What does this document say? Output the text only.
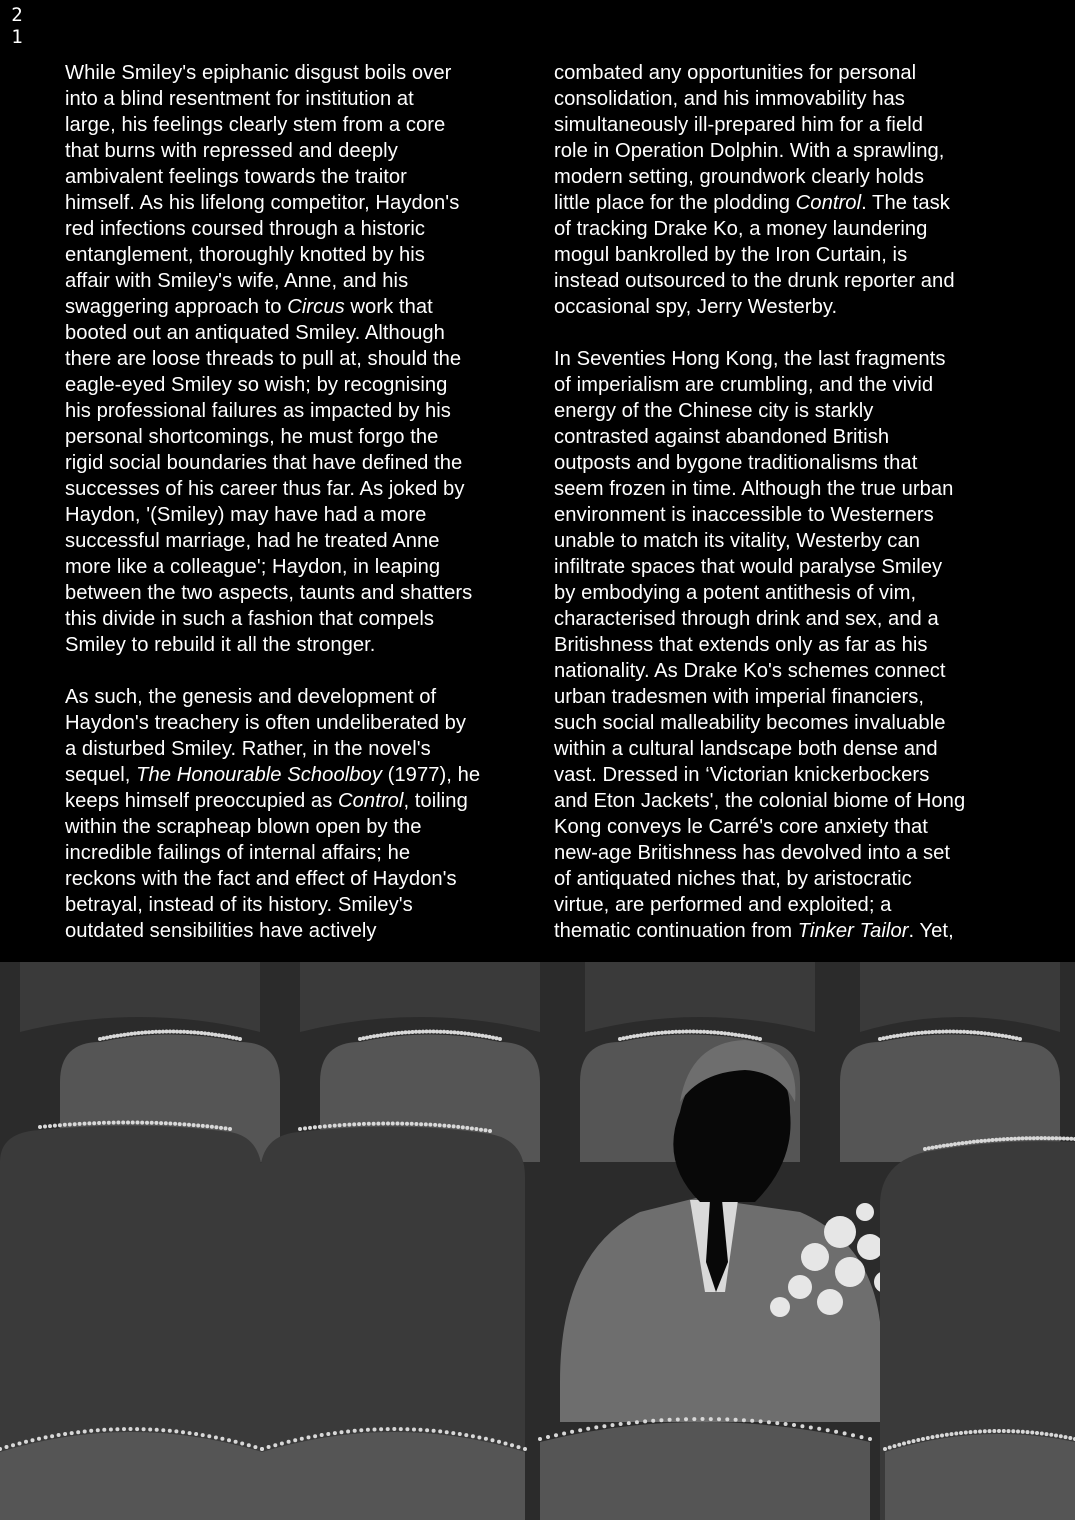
2
1

While Smiley's epiphanic disgust boils over
into a blind resentment for institution at
large, his feelings clearly stem from a core
that burns with repressed and deeply
ambivalent feelings towards the traitor
himself. As his lifelong competitor, Haydon's
red infections coursed through a historic
entanglement, thoroughly knotted by his
affair with Smiley's wife, Anne, and his
swaggering approach to Circus work that
booted out an antiquated Smiley. Although
there are loose threads to pull at, should the
eagle-eyed Smiley so wish; by recognising
his professional failures as impacted by his
personal shortcomings, he must forgo the
rigid social boundaries that have defined the
successes of his career thus far. As joked by
Haydon, '(Smiley) may have had a more
successful marriage, had he treated Anne
more like a colleague'; Haydon, in leaping
between the two aspects, taunts and shatters
this divide in such a fashion that compels
Smiley to rebuild it all the stronger.

As such, the genesis and development of
Haydon's treachery is often undeliberated by
a disturbed Smiley. Rather, in the novel's
sequel, The Honourable Schoolboy (1977), he
keeps himself preoccupied as Control, toiling
within the scrapheap blown open by the
incredible failings of internal affairs; he
reckons with the fact and effect of Haydon's
betrayal, instead of its history. Smiley's
outdated sensibilities have actively

combated any opportunities for personal
consolidation, and his immovability has
simultaneously ill-prepared him for a field
role in Operation Dolphin. With a sprawling,
modern setting, groundwork clearly holds
little place for the plodding Control. The task
of tracking Drake Ko, a money laundering
mogul bankrolled by the Iron Curtain, is
instead outsourced to the drunk reporter and
occasional spy, Jerry Westerby.

In Seventies Hong Kong, the last fragments
of imperialism are crumbling, and the vivid
energy of the Chinese city is starkly
contrasted against abandoned British
outposts and bygone traditionalisms that
seem frozen in time. Although the true urban
environment is inaccessible to Westerners
unable to match its vitality, Westerby can
infiltrate spaces that would paralyse Smiley
by embodying a potent antithesis of vim,
characterised through drink and sex, and a
Britishness that extends only as far as his
nationality. As Drake Ko's schemes connect
urban tradesmen with imperial financiers,
such social malleability becomes invaluable
within a cultural landscape both dense and
vast. Dressed in ‘Victorian knickerbockers
and Eton Jackets', the colonial biome of Hong
Kong conveys le Carré's core anxiety that
new-age Britishness has devolved into a set
of antiquated niches that, by aristocratic
virtue, are performed and exploited; a
thematic continuation from Tinker Tailor. Yet,
